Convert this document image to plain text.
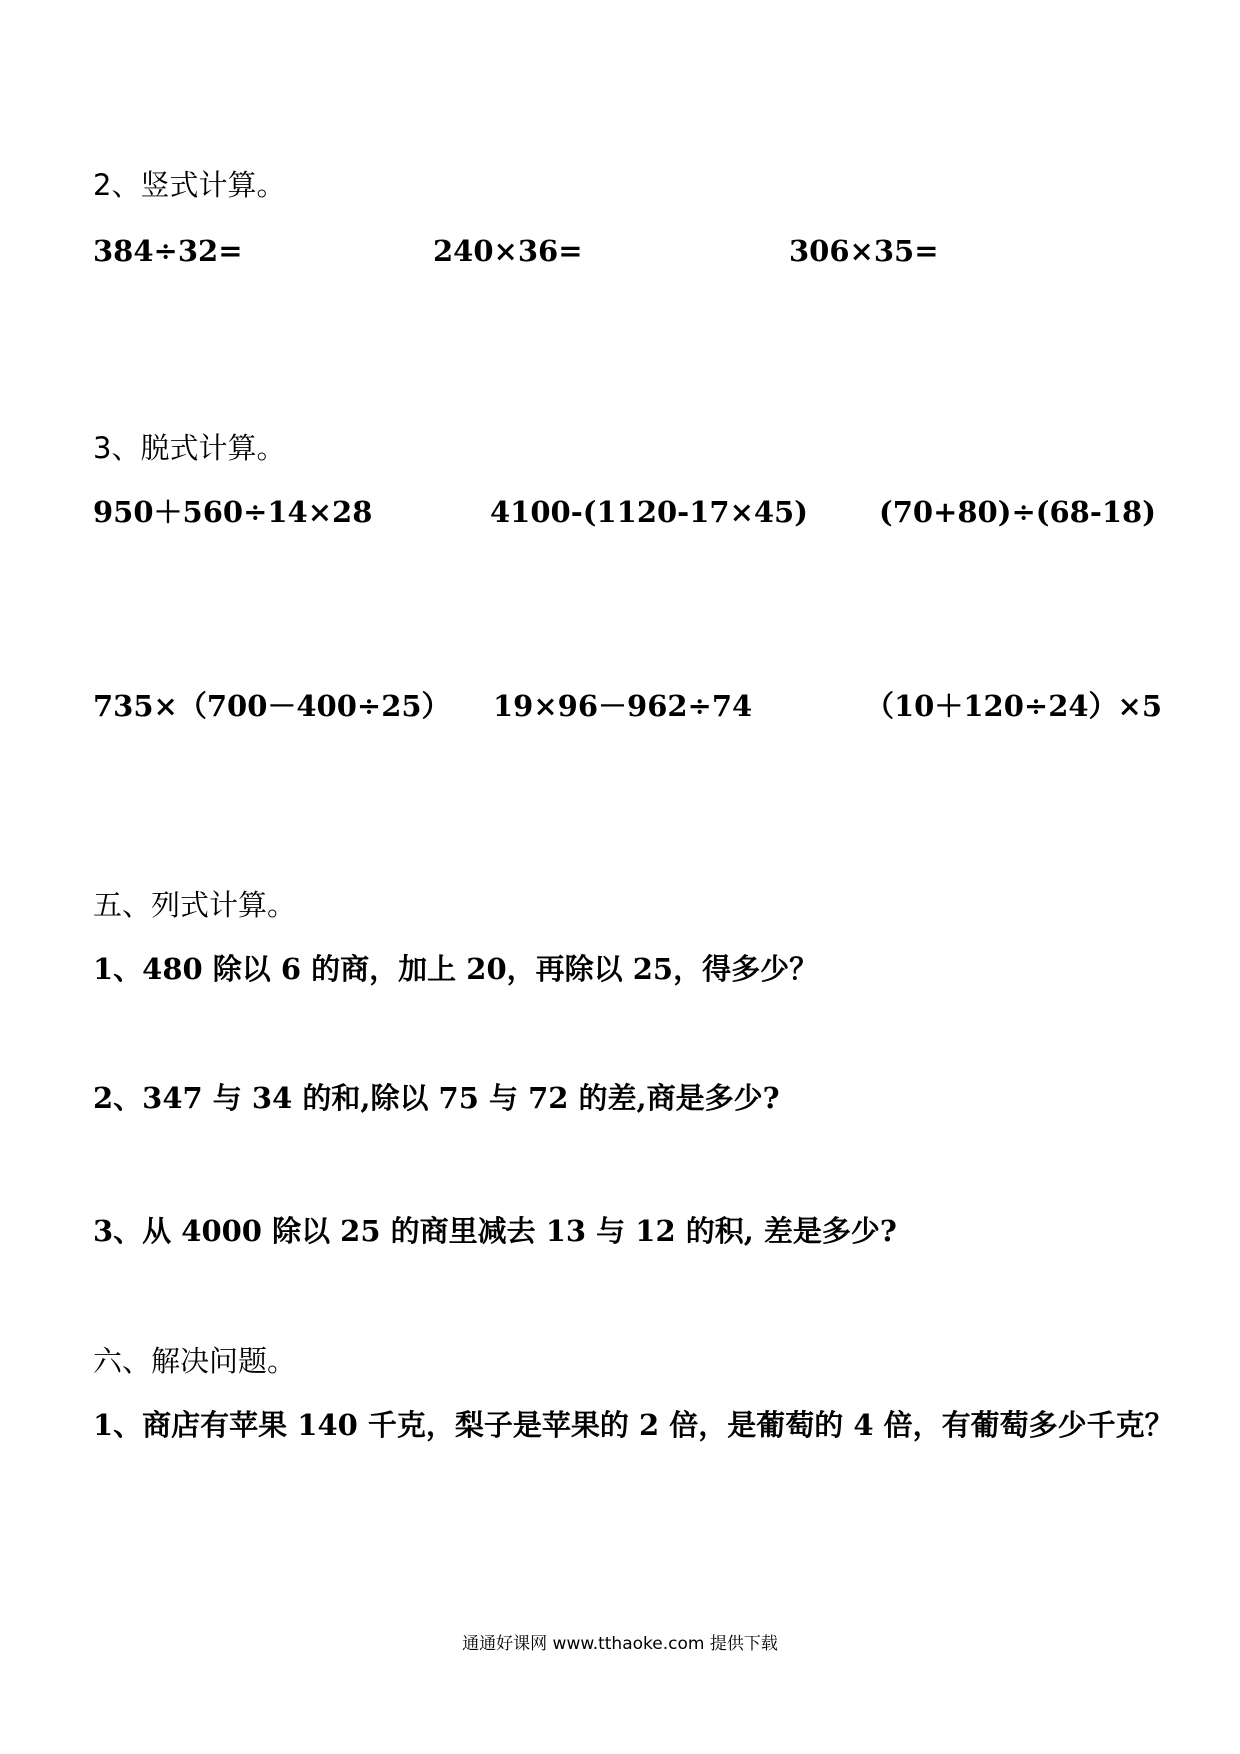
2、竖式计算。

384÷32=	240×36=	306×35=

3、脱式计算。

950＋560÷14×28	4100-(1120-17×45) (70+80)÷(68-18)

735×（700－400÷25） 19×96－962÷74	（10＋120÷24）×5

五、列式计算。

1、480 除以 6 的商，加上 20，再除以 25，得多少？

2、347 与 34 的和,除以 75 与 72 的差,商是多少?

3、从 4000 除以 25 的商里减去 13 与 12 的积, 差是多少?

六、解决问题。

1、商店有苹果 140 千克，梨子是苹果的 2 倍，是葡萄的 4 倍，有葡萄多少千克？

通通好课网 www.tthaoke.com 提供下载
